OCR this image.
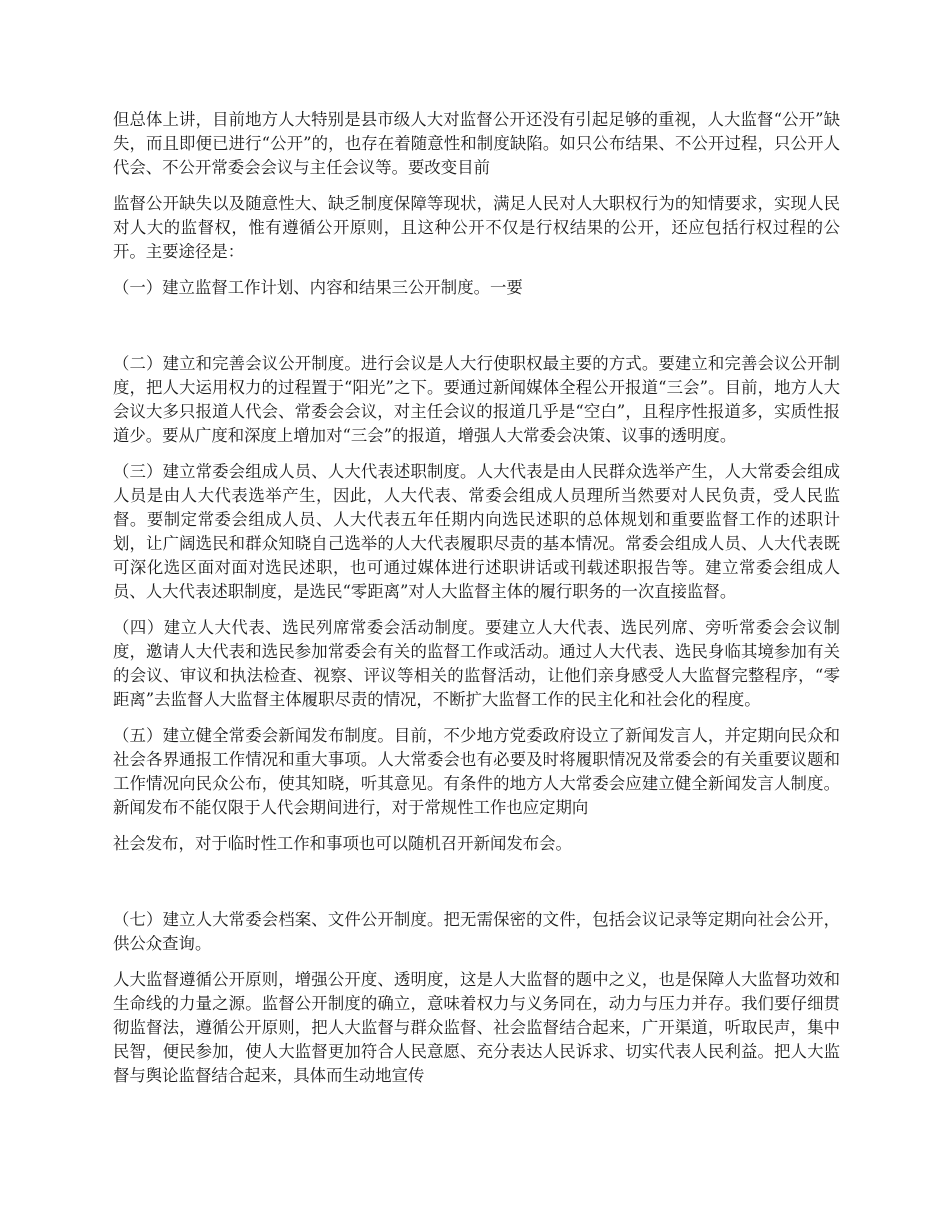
但总体上讲，目前地方人大特别是县市级人大对监督公开还没有引起足够的重视，人大监督“公开”缺失，而且即便已进行“公开”的，也存在着随意性和制度缺陷。如只公布结果、不公开过程，只公开人代会、不公开常委会会议与主任会议等。要改变目前

监督公开缺失以及随意性大、缺乏制度保障等现状，满足人民对人大职权行为的知情要求，实现人民对人大的监督权，惟有遵循公开原则，且这种公开不仅是行权结果的公开，还应包括行权过程的公开。主要途径是：

（一）建立监督工作计划、内容和结果三公开制度。一要

（二）建立和完善会议公开制度。进行会议是人大行使职权最主要的方式。要建立和完善会议公开制度，把人大运用权力的过程置于“阳光”之下。要通过新闻媒体全程公开报道“三会”。目前，地方人大会议大多只报道人代会、常委会会议，对主任会议的报道几乎是“空白”，且程序性报道多，实质性报道少。要从广度和深度上增加对“三会”的报道，增强人大常委会决策、议事的透明度。

（三）建立常委会组成人员、人大代表述职制度。人大代表是由人民群众选举产生，人大常委会组成人员是由人大代表选举产生，因此，人大代表、常委会组成人员理所当然要对人民负责，受人民监督。要制定常委会组成人员、人大代表五年任期内向选民述职的总体规划和重要监督工作的述职计划，让广阔选民和群众知晓自己选举的人大代表履职尽责的基本情况。常委会组成人员、人大代表既可深化选区面对面对选民述职，也可通过媒体进行述职讲话或刊载述职报告等。建立常委会组成人员、人大代表述职制度，是选民“零距离”对人大监督主体的履行职务的一次直接监督。

（四）建立人大代表、选民列席常委会活动制度。要建立人大代表、选民列席、旁听常委会会议制度，邀请人大代表和选民参加常委会有关的监督工作或活动。通过人大代表、选民身临其境参加有关的会议、审议和执法检查、视察、评议等相关的监督活动，让他们亲身感受人大监督完整程序，“零距离”去监督人大监督主体履职尽责的情况，不断扩大监督工作的民主化和社会化的程度。

（五）建立健全常委会新闻发布制度。目前，不少地方党委政府设立了新闻发言人，并定期向民众和社会各界通报工作情况和重大事项。人大常委会也有必要及时将履职情况及常委会的有关重要议题和工作情况向民众公布，使其知晓，听其意见。有条件的地方人大常委会应建立健全新闻发言人制度。新闻发布不能仅限于人代会期间进行，对于常规性工作也应定期向

社会发布，对于临时性工作和事项也可以随机召开新闻发布会。

（七）建立人大常委会档案、文件公开制度。把无需保密的文件，包括会议记录等定期向社会公开，供公众查询。

人大监督遵循公开原则，增强公开度、透明度，这是人大监督的题中之义，也是保障人大监督功效和生命线的力量之源。监督公开制度的确立，意味着权力与义务同在，动力与压力并存。我们要仔细贯彻监督法，遵循公开原则，把人大监督与群众监督、社会监督结合起来，广开渠道，听取民声，集中民智，便民参加，使人大监督更加符合人民意愿、充分表达人民诉求、切实代表人民利益。把人大监督与舆论监督结合起来，具体而生动地宣传
